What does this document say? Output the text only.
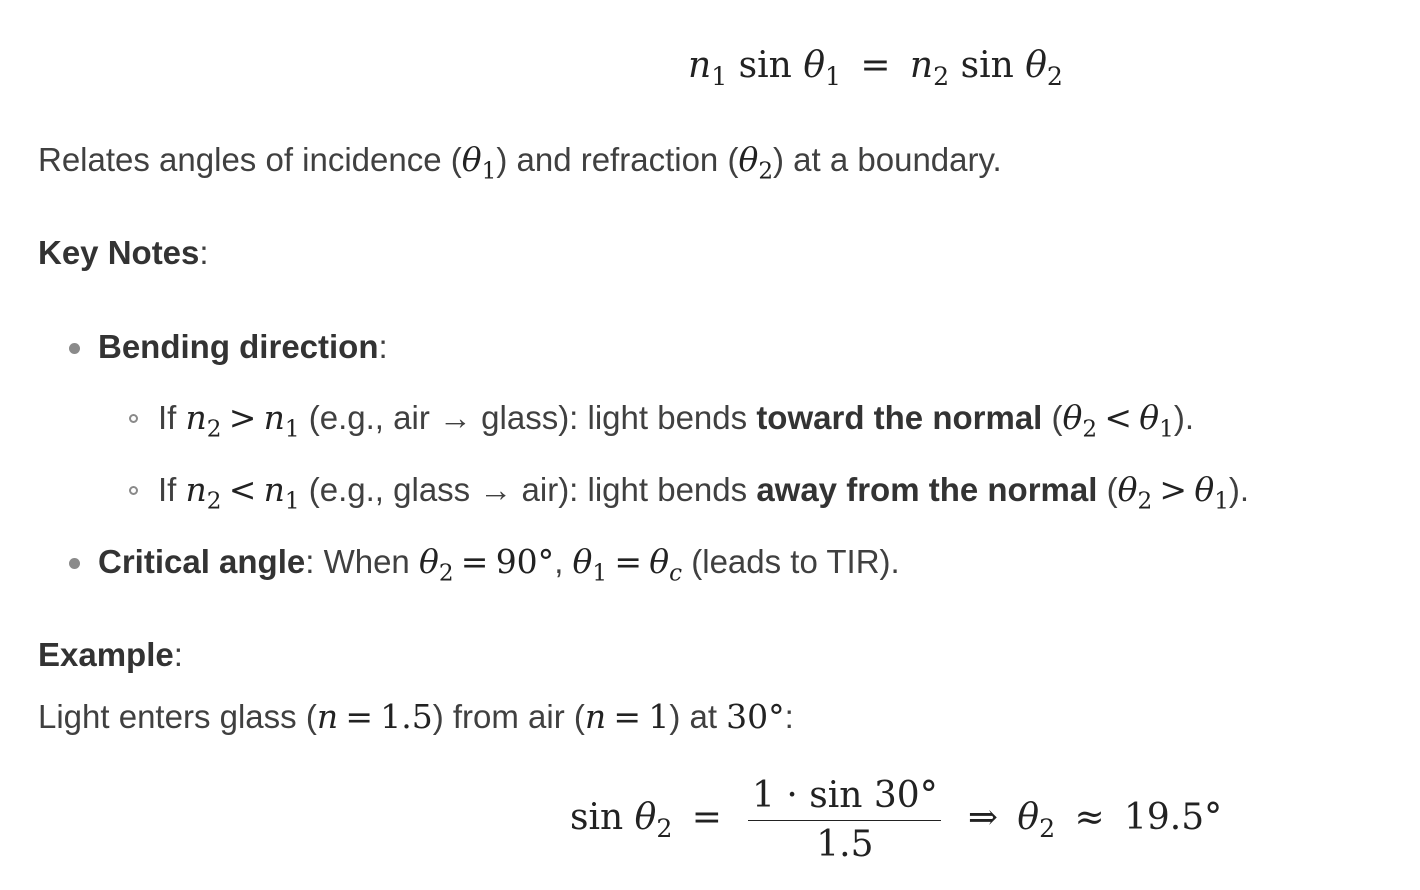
$n_1$ $\sin \theta_1 = n_2$ $\sin \theta_2$
Relates angles of incidence $(\theta_1)$ and refraction $(\theta_2)$ at a boundary.
Key Notes:
Bending direction:
If $n_2 > n_1$ (e.g., air → glass): light bends toward the normal $(\theta_2 < \theta_1)$.
If $n_2 < n_1$ (e.g., glass → air): light bends away from the normal $(\theta_2 > \theta_1)$.
Critical angle: When $\theta_2 = 90^\circ$, $\theta_1 = \theta_c$ (leads to TIR).
Example:
Light enters glass (n = 1.5) from air (n = 1) at 30°:
$\sin \theta_2 = \frac{1 \cdot \sin 30^\circ}{1.5}$ ⇒ $\theta_2 \approx 19.5^\circ$
